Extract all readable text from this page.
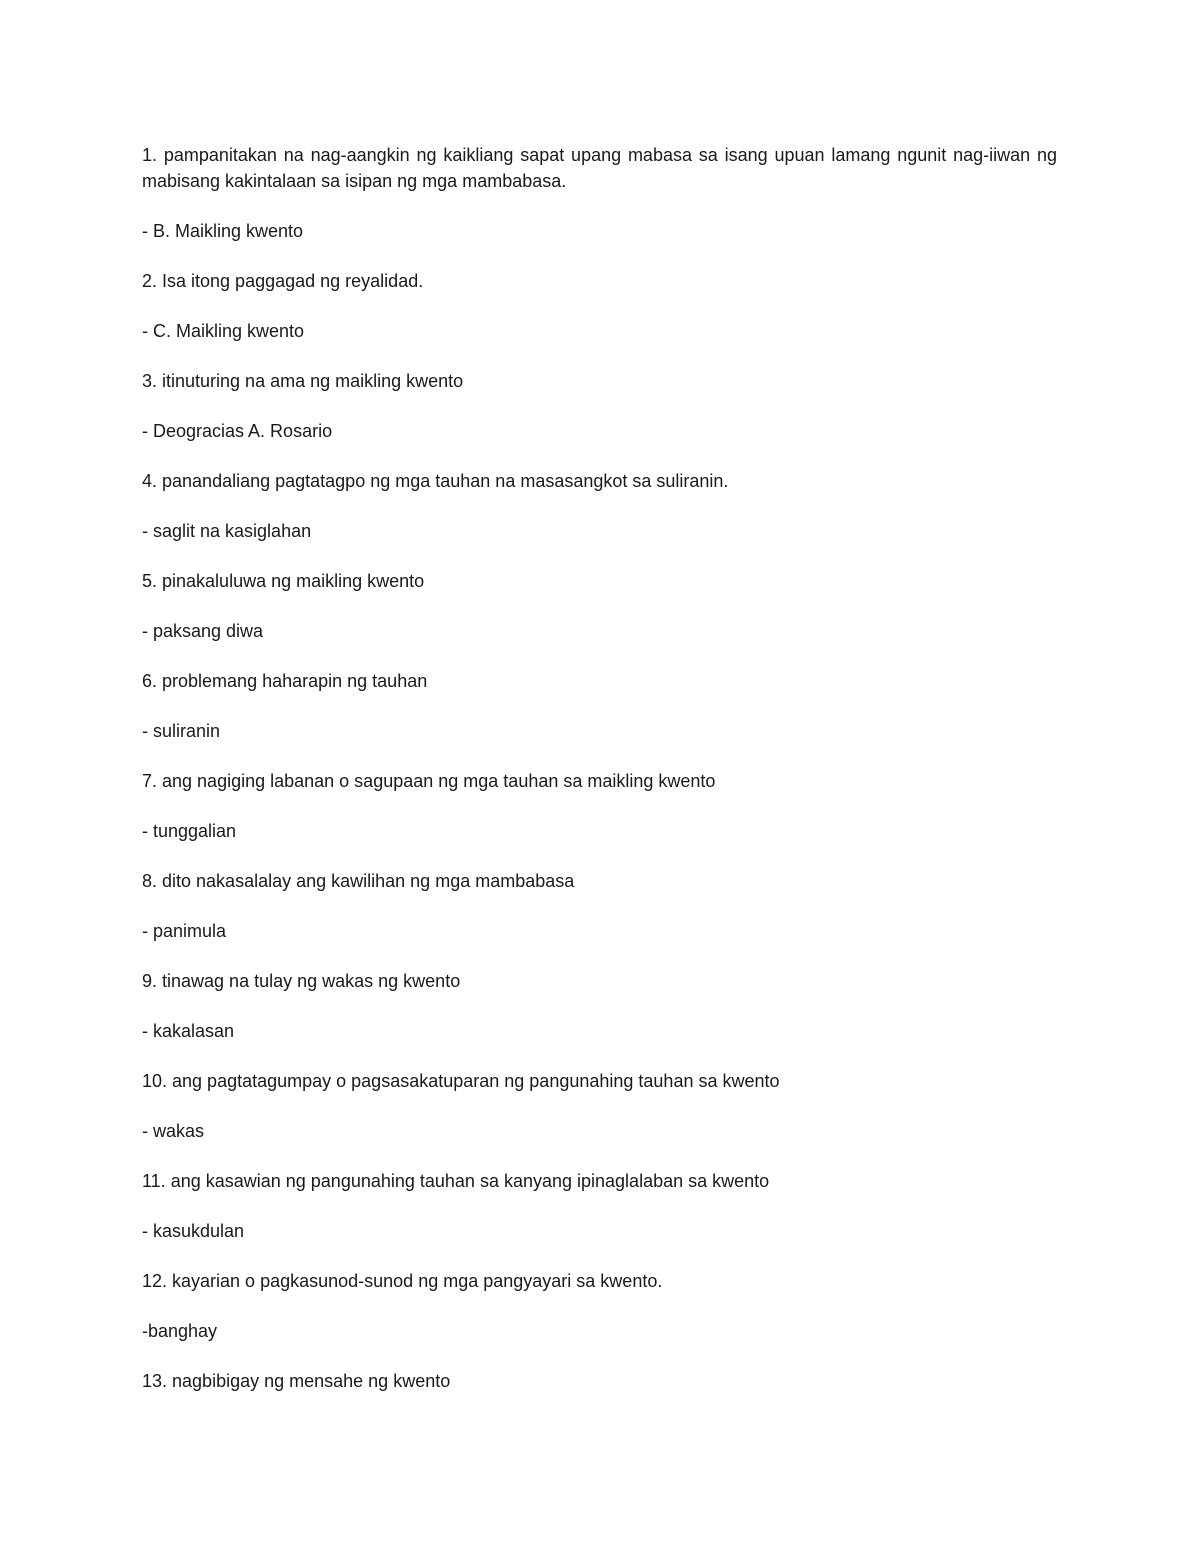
1. pampanitakan na nag-aangkin ng kaikliang sapat upang mabasa sa isang upuan lamang ngunit nag-iiwan ng mabisang kakintalaan sa isipan ng mga mambabasa.

- B. Maikling kwento

2. Isa itong paggagad ng reyalidad.

- C. Maikling kwento

3. itinuturing na ama ng maikling kwento

- Deogracias A. Rosario

4. panandaliang pagtatagpo ng mga tauhan na masasangkot sa suliranin.

- saglit na kasiglahan

5. pinakaluluwa ng maikling kwento

- paksang diwa

6. problemang haharapin ng tauhan

- suliranin

7. ang nagiging labanan o sagupaan ng mga tauhan sa maikling kwento

- tunggalian

8. dito nakasalalay ang kawilihan ng mga mambabasa

- panimula

9. tinawag na tulay ng wakas ng kwento

- kakalasan

10. ang pagtatagumpay o pagsasakatuparan ng pangunahing tauhan sa kwento

- wakas

11. ang kasawian ng pangunahing tauhan sa kanyang ipinaglalaban sa kwento

- kasukdulan

12. kayarian o pagkasunod-sunod ng mga pangyayari sa kwento.

-banghay

13. nagbibigay ng mensahe ng kwento
